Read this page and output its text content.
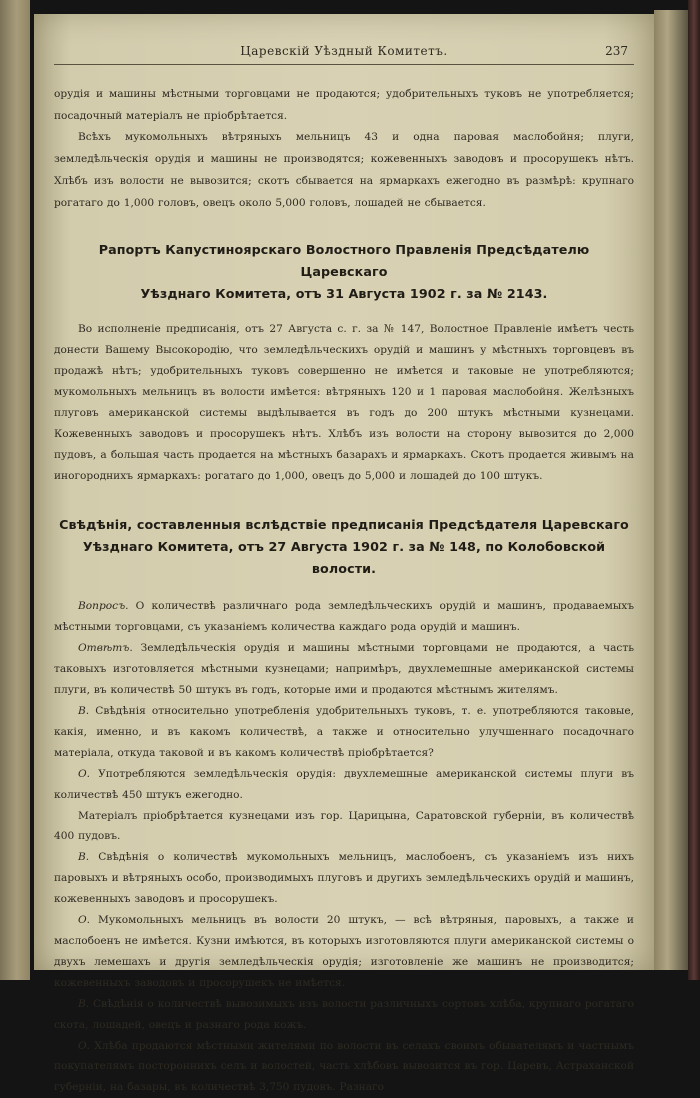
Царевскій Уѣздный Комитетъ.	237

орудія и машины мѣстными торговцами не продаются; удобрительныхъ туковъ не употребляется; посадочный матеріалъ не пріобрѣтается.

Всѣхъ мукомольныхъ вѣтряныхъ мельницъ 43 и одна паровая маслобойня; плуги, земледѣльческія орудія и машины не производятся; кожевенныхъ заводовъ и просорушекъ нѣтъ. Хлѣбъ изъ волости не вывозится; скотъ сбывается на ярмаркахъ ежегодно въ размѣрѣ: крупнаго рогатаго до 1,000 головъ, овецъ около 5,000 головъ, лошадей не сбывается.

Рапортъ Капустиноярскаго Волостного Правленія Предсѣдателю Царевскаго
Уѣзднаго Комитета, отъ 31 Августа 1902 г. за № 2143.

Во исполненіе предписанія, отъ 27 Августа с. г. за № 147, Волостное Правленіе имѣетъ честь донести Вашему Высокородію, что земледѣльческихъ орудій и машинъ у мѣстныхъ торговцевъ въ продажѣ нѣтъ; удобрительныхъ туковъ совершенно не имѣется и таковые не употребляются; мукомольныхъ мельницъ въ волости имѣется: вѣтряныхъ 120 и 1 паровая маслобойня. Желѣзныхъ плуговъ американской системы выдѣлывается въ годъ до 200 штукъ мѣстными кузнецами. Кожевенныхъ заводовъ и просорушекъ нѣтъ. Хлѣбъ изъ волости на сторону вывозится до 2,000 пудовъ, а большая часть продается на мѣстныхъ базарахъ и ярмаркахъ. Скотъ продается живымъ на иногороднихъ ярмаркахъ: рогатаго до 1,000, овецъ до 5,000 и лошадей до 100 штукъ.

Свѣдѣнія, составленныя вслѣдствіе предписанія Предсѣдателя Царевскаго
Уѣзднаго Комитета, отъ 27 Августа 1902 г. за № 148, по Колобовской волости.

Вопросъ. О количествѣ различнаго рода земледѣльческихъ орудій и машинъ, продаваемыхъ мѣстными торговцами, съ указаніемъ количества каждаго рода орудій и машинъ.

Отвѣтъ. Земледѣльческія орудія и машины мѣстными торговцами не продаются, а часть таковыхъ изготовляется мѣстными кузнецами; напримѣръ, двухлемешные американской системы плуги, въ количествѣ 50 штукъ въ годъ, которые ими и продаются мѣстнымъ жителямъ.

В. Свѣдѣнія относительно употребленія удобрительныхъ туковъ, т. е. употребляются таковые, какія, именно, и въ какомъ количествѣ, а также и относительно улучшеннаго посадочнаго матеріала, откуда таковой и въ какомъ количествѣ пріобрѣтается?

О. Употребляются земледѣльческія орудія: двухлемешные американской системы плуги въ количествѣ 450 штукъ ежегодно.

Матеріалъ пріобрѣтается кузнецами изъ гор. Царицына, Саратовской губерніи, въ количествѣ 400 пудовъ.

В. Свѣдѣнія о количествѣ мукомольныхъ мельницъ, маслобоенъ, съ указаніемъ изъ нихъ паровыхъ и вѣтряныхъ особо, производимыхъ плуговъ и другихъ земледѣльческихъ орудій и машинъ, кожевенныхъ заводовъ и просорушекъ.

О. Мукомольныхъ мельницъ въ волости 20 штукъ, — всѣ вѣтряныя, паровыхъ, а также и маслобоенъ не имѣется. Кузни имѣются, въ которыхъ изготовляются плуги американской системы о двухъ лемешахъ и другія земледѣльческія орудія; изготовленіе же машинъ не производится; кожевенныхъ заводовъ и просорушекъ не имѣется.

В. Свѣдѣнія о количествѣ вывозимыхъ изъ волости различныхъ сортовъ хлѣба, крупнаго рогатаго скота, лошадей, овецъ и разнаго рода кожъ.

О. Хлѣба продаются мѣстными жителями по волости въ селахъ своимъ обывателямъ и частнымъ покупателямъ постороннихъ селъ и волостей, часть хлѣбовъ вывозится въ гор. Царевъ, Астраханской губерніи, на базары, въ количествѣ 3,750 пудовъ. Разнаго
